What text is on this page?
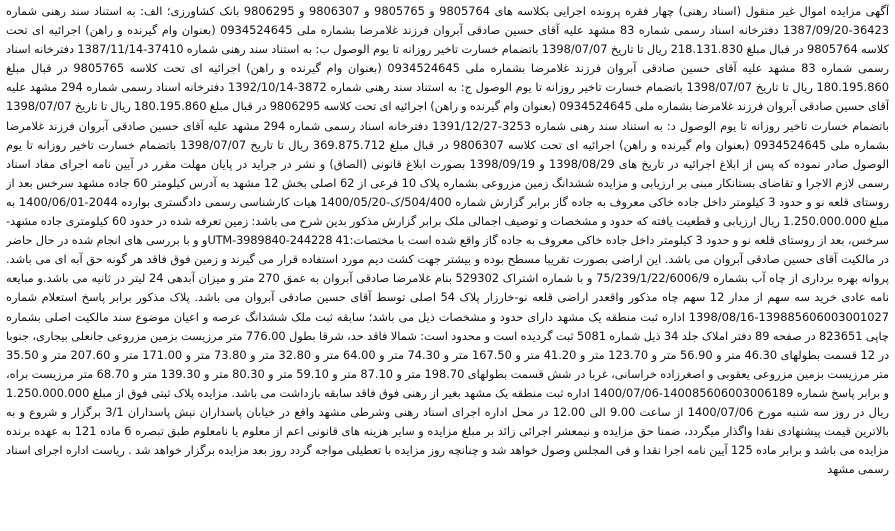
آگهی مزایده اموال غیر منقول (اسناد رهنی) چهار فقره پرونده اجرایی بکلاسه های 9805764 و 9805765 و 9806307 و 9806295 بانک کشاورزی؛ الف: به استناد سند رهنی شماره 36423-1387/09/20 دفترخانه اسناد رسمی شماره 83 مشهد علیه آقای حسین صادقی آبروان فرزند غلامرضا بشماره ملی 0934524645 (بعنوان وام گیرنده و راهن) اجرائیه ای تحت کلاسه 9805764 در قبال مبلغ 218.131.830 ریال تا تاریخ 1398/07/07 باتضمام خسارت تاخیر روزانه تا یوم الوصول ب: به استناد سند رهنی شماره 37410-1387/11/14 دفترخانه اسناد رسمی شماره 83 مشهد علیه آقای حسین صادقی آبروان فرزند غلامرضا بشماره ملی 0934524645 (بعنوان وام گیرنده و راهن) اجرائیه ای تحت کلاسه 9805765 در قبال مبلغ 180.195.860 ریال تا تاریخ 1398/07/07 باتضمام خسارت تاخیر روزانه تا یوم الوصول ج: به استناد سند رهنی شماره 3872-1392/10/14 دفترخانه اسناد رسمی شماره 294 مشهد علیه آقای حسین صادقی آبروان فرزند غلامرضا بشماره ملی 0934524645 (بعنوان وام گیرنده و راهن) اجرائیه ای تحت کلاسه 9806295 در قبال مبلغ 180.195.860 ریال تا تاریخ 1398/07/07 باتضمام خسارت تاخیر روزانه تا یوم الوصول د: به استناد سند رهنی شماره 3253-1391/12/27 دفترخانه اسناد رسمی شماره 294 مشهد علیه آقای حسین صادقی آبروان فرزند غلامرضا بشماره ملی 0934524645 (بعنوان وام گیرنده و راهن) اجرائیه ای تحت کلاسه 9806307 در قبال مبلغ 369.875.712 ریال تا تاریخ 1398/07/07 باتضمام خسارت تاخیر روزانه تا یوم الوصول صادر نموده که پس از ابلاغ اجرائیه در تاریخ های 1398/08/29 و 1398/09/19 بصورت ابلاغ قانونی (الصاق) و نشر در جراید در پایان مهلت مقرر در آیین نامه اجرای مفاد اسناد رسمی لازم الاجرا و تقاضای بستانکار مبنی بر ارزیابی و مزایده ششدانگ زمین مزروعی بشماره پلاک 10 فرعی از 62 اصلی بخش 12 مشهد به آدرس کیلومتر 60 جاده مشهد سرخس بعد از روستای قلعه نو و حدود 3 کیلومتر داخل جاده خاکی معروف به جاده گاز برابر گزارش شماره 504/400/ک-1400/05/20 هیات کارشناسی رسمی دادگستری بوارده 2044-1400/06/01 به مبلغ 1.250.000.000 ریال ارزیابی و قطعیت یافته که حدود و مشخصات و توصیف اجمالی ملک برابر گزارش مذکور بدین شرح می باشد: زمین تعرفه شده در حدود 60 کیلومتری جاده مشهد-سرخس، بعد از روستای قلعه نو و حدود 3 کیلومتر داخل جاده خاکی معروف به جاده گاز واقع شده است با مختصات:UTM-3989840-244228 41و و با بررسی های انجام شده در حال حاضر در مالکیت آقای حسین صادقی آبروان می باشد. این اراضی بصورت تقریبا مسطح بوده و بیشتر جهت کشت دیم مورد استفاده قرار می گیرند و زمین فوق فاقد هر گونه حق آبه ای می باشد. پروانه بهره برداری از چاه آب بشماره 75/239/1/22/6006/9 و با شماره اشتراک 529302 بنام غلامرضا صادقی آبروان به عمق 270 متر و میزان آبدهی 24 لیتر در ثانیه می باشد.و مبایعه نامه عادی خرید سه سهم از مدار 12 سهم چاه مذکور واقعدر اراضی قلعه نو-خارزار پلاک 54 اصلی توسط آقای حسین صادقی آبروان می باشد. پلاک مذکور برابر پاسخ استعلام شماره 139885606003001027-1398/08/16 اداره ثبت منطقه یک مشهد دارای حدود و مشخصات ذیل می باشد؛ سابقه ثبت ملک ششدانگ عرصه و اعیان موضوع سند مالکیت اصلی بشماره چاپی 823651 در صفحه 89 دفتر املاک جلد 34 ذیل شماره 5081 ثبت گردیده است و محدود است: شمالا فاقد حد، شرقا بطول 776.00 متر مرزیست بزمین مزروعی جانعلی بیجاری، جنوبا در 12 قسمت بطولهای 46.30 متر و 56.90 متر و 123.70 متر و 41.20 متر و 167.50 متر و 74.30 متر و 64.00 متر و 32.80 متر و 73.80 متر و 171.00 متر و 207.60 متر و 35.50 متر مرزیست بزمین مزروعی یعقوبی و اصغرزاده خراسانی، غربا در شش قسمت بطولهای 198.70 متر و 87.10 متر و 59.10 متر و 80.30 متر و 139.30 متر و 68.70 متر مرزیست براه، و برابر پاسخ شماره 140085606003006189-1400/07/06 اداره ثبت منطقه یک مشهد بغیر از رهنی فوق فاقد سابقه بازداشت می باشد. مزایده پلاک ثبتی فوق از مبلغ 1.250.000.000 ریال در روز سه شنبه مورخ 1400/07/06 از ساعت 9.00 الی 12.00 در محل اداره اجرای اسناد رهنی وشرطی مشهد واقع در خیابان پاسداران نبش پاسداران 3/1 برگزار و شروع و به بالاترین قیمت پیشنهادی نقدا واگذار میگردد، ضمنا حق مزایده و نیمعشر اجرائی زائد بر مبلغ مزایده و سایر هزینه های قانونی اعم از معلوم یا نامعلوم طبق تبصره 6 ماده 121 به عهده برنده مزایده می باشد و برابر ماده 125 آیین نامه اجرا نقدا و فی المجلس وصول خواهد شد و چنانچه روز مزایده با تعطیلی مواجه گردد روز بعد مزایده برگزار خواهد شد . ریاست اداره اجرای اسناد رسمی مشهد
